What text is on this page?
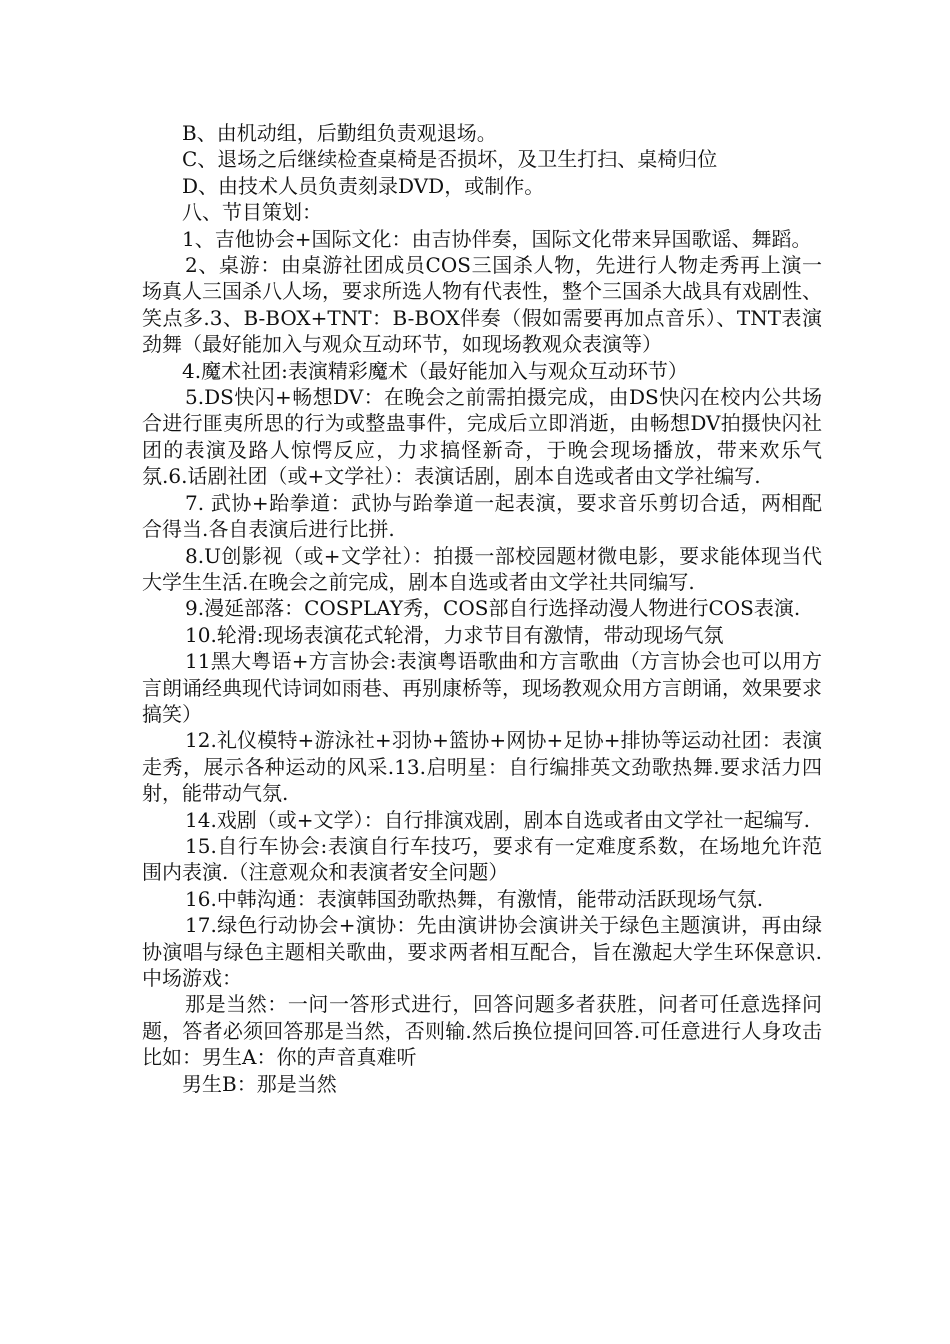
B、由机动组，后勤组负责观退场。

C、退场之后继续检查桌椅是否损坏，及卫生打扫、桌椅归位

D、由技术人员负责刻录DVD，或制作。

八、节目策划：

1、吉他协会+国际文化：由吉协伴奏，国际文化带来异国歌谣、舞蹈。

2、桌游：由桌游社团成员COS三国杀人物，先进行人物走秀再上演一场真人三国杀八人场，要求所选人物有代表性，整个三国杀大战具有戏剧性、笑点多.3、B-BOX+TNT：B-BOX伴奏（假如需要再加点音乐）、TNT表演劲舞（最好能加入与观众互动环节，如现场教观众表演等）

4.魔术社团:表演精彩魔术（最好能加入与观众互动环节）

5.DS快闪+畅想DV：在晚会之前需拍摄完成，由DS快闪在校内公共场合进行匪夷所思的行为或整蛊事件，完成后立即消逝，由畅想DV拍摄快闪社团的表演及路人惊愕反应，力求搞怪新奇，于晚会现场播放，带来欢乐气氛.6.话剧社团（或+文学社）：表演话剧，剧本自选或者由文学社编写.

7. 武协+跆拳道：武协与跆拳道一起表演，要求音乐剪切合适，两相配合得当.各自表演后进行比拼.

8.U创影视（或+文学社）：拍摄一部校园题材微电影，要求能体现当代大学生生活.在晚会之前完成，剧本自选或者由文学社共同编写.

9.漫延部落：COSPLAY秀，COS部自行选择动漫人物进行COS表演.

10.轮滑:现场表演花式轮滑，力求节目有激情，带动现场气氛

11黑大粤语+方言协会:表演粤语歌曲和方言歌曲（方言协会也可以用方言朗诵经典现代诗词如雨巷、再别康桥等，现场教观众用方言朗诵，效果要求搞笑）

12.礼仪模特+游泳社+羽协+篮协+网协+足协+排协等运动社团：表演走秀，展示各种运动的风采.13.启明星：自行编排英文劲歌热舞.要求活力四射，能带动气氛.

14.戏剧（或+文学）：自行排演戏剧，剧本自选或者由文学社一起编写.

15.自行车协会:表演自行车技巧，要求有一定难度系数，在场地允许范围内表演.（注意观众和表演者安全问题）

16.中韩沟通：表演韩国劲歌热舞，有激情，能带动活跃现场气氛.

17.绿色行动协会+演协：先由演讲协会演讲关于绿色主题演讲，再由绿协演唱与绿色主题相关歌曲，要求两者相互配合，旨在激起大学生环保意识.中场游戏：

那是当然：一问一答形式进行，回答问题多者获胜，问者可任意选择问题，答者必须回答那是当然，否则输.然后换位提问回答.可任意进行人身攻击 比如：男生A：你的声音真难听

男生B：那是当然
